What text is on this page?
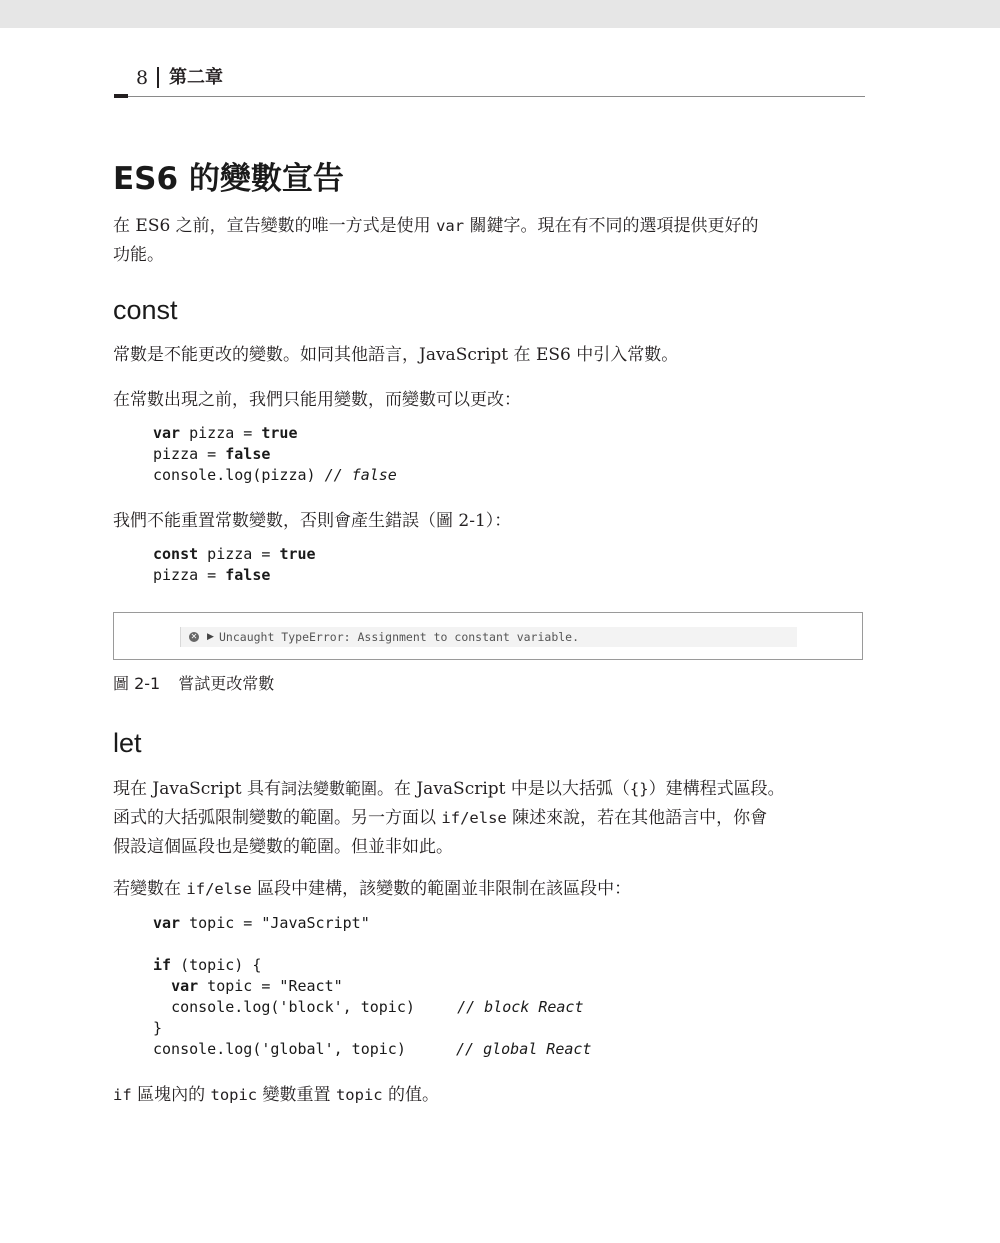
8 第二章
ES6 的變數宣告

在 ES6 之前，宣告變數的唯一方式是使用 var 關鍵字。現在有不同的選項提供更好的
功能。

const

常數是不能更改的變數。如同其他語言，JavaScript 在 ES6 中引入常數。

在常數出現之前，我們只能用變數，而變數可以更改：

var pizza = true
pizza = false
console.log(pizza) // false

我們不能重置常數變數，否則會產生錯誤（圖 2-1）：

const pizza = true
pizza = false
✕ ▶ Uncaught TypeError: Assignment to constant variable.
圖 2-1 嘗試更改常數
let

現在 JavaScript 具有詞法變數範圍。在 JavaScript 中是以大括弧（{}）建構程式區段。
函式的大括弧限制變數的範圍。另一方面以 if/else 陳述來說，若在其他語言中，你會
假設這個區段也是變數的範圍。但並非如此。

若變數在 if/else 區段中建構，該變數的範圍並非限制在該區段中：

var topic = "JavaScript"

if (topic) {
var topic = "React"
console.log('block', topic)	// block React
}
console.log('global', topic)	// global React

if 區塊內的 topic 變數重置 topic 的值。
